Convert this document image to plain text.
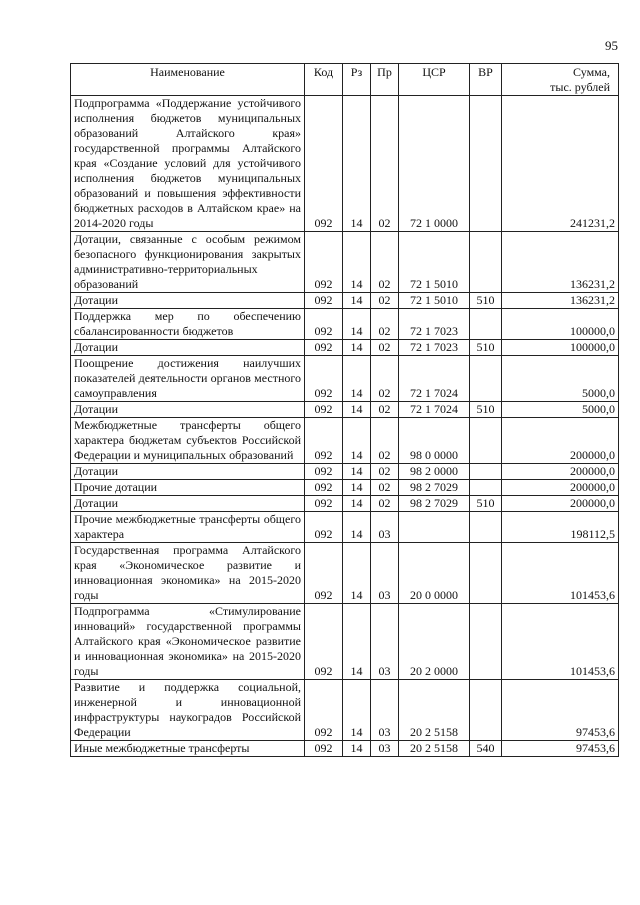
95
Наименование	Код	Рз	Пр	ЦСР	ВР	Сумма,
тыс. рублей

Подпрограмма «Поддержание устойчивого исполнения бюджетов муниципальных образований Алтайского края» государственной программы Алтайского края «Создание условий для устойчивого исполнения бюджетов муниципальных образований и повышения эффективности бюджетных расходов в Алтайском крае» на 2014-2020 годы	092	14	02	72 1 0000		241231,2
Дотации, связанные с особым режимом безопасного функционирования закрытых административно-территориальных образований	092	14	02	72 1 5010		136231,2
Дотации	092	14	02	72 1 5010	510	136231,2
Поддержка мер по обеспечению сбалансированности бюджетов	092	14	02	72 1 7023		100000,0
Дотации	092	14	02	72 1 7023	510	100000,0
Поощрение достижения наилучших показателей деятельности органов местного самоуправления	092	14	02	72 1 7024		5000,0
Дотации	092	14	02	72 1 7024	510	5000,0
Межбюджетные трансферты общего характера бюджетам субъектов Российской Федерации и муниципальных образований	092	14	02	98 0 0000		200000,0
Дотации	092	14	02	98 2 0000		200000,0
Прочие дотации	092	14	02	98 2 7029		200000,0
Дотации	092	14	02	98 2 7029	510	200000,0
Прочие межбюджетные трансферты общего характера	092	14	03			198112,5
Государственная программа Алтайского края «Экономическое развитие и инновационная экономика» на 2015-2020 годы	092	14	03	20 0 0000		101453,6
Подпрограмма «Стимулирование инноваций» государственной программы Алтайского края «Экономическое развитие и инновационная экономика» на 2015-2020 годы	092	14	03	20 2 0000		101453,6
Развитие и поддержка социальной, инженерной и инновационной инфраструктуры наукоградов Российской Федерации	092	14	03	20 2 5158		97453,6
Иные межбюджетные трансферты	092	14	03	20 2 5158	540	97453,6
